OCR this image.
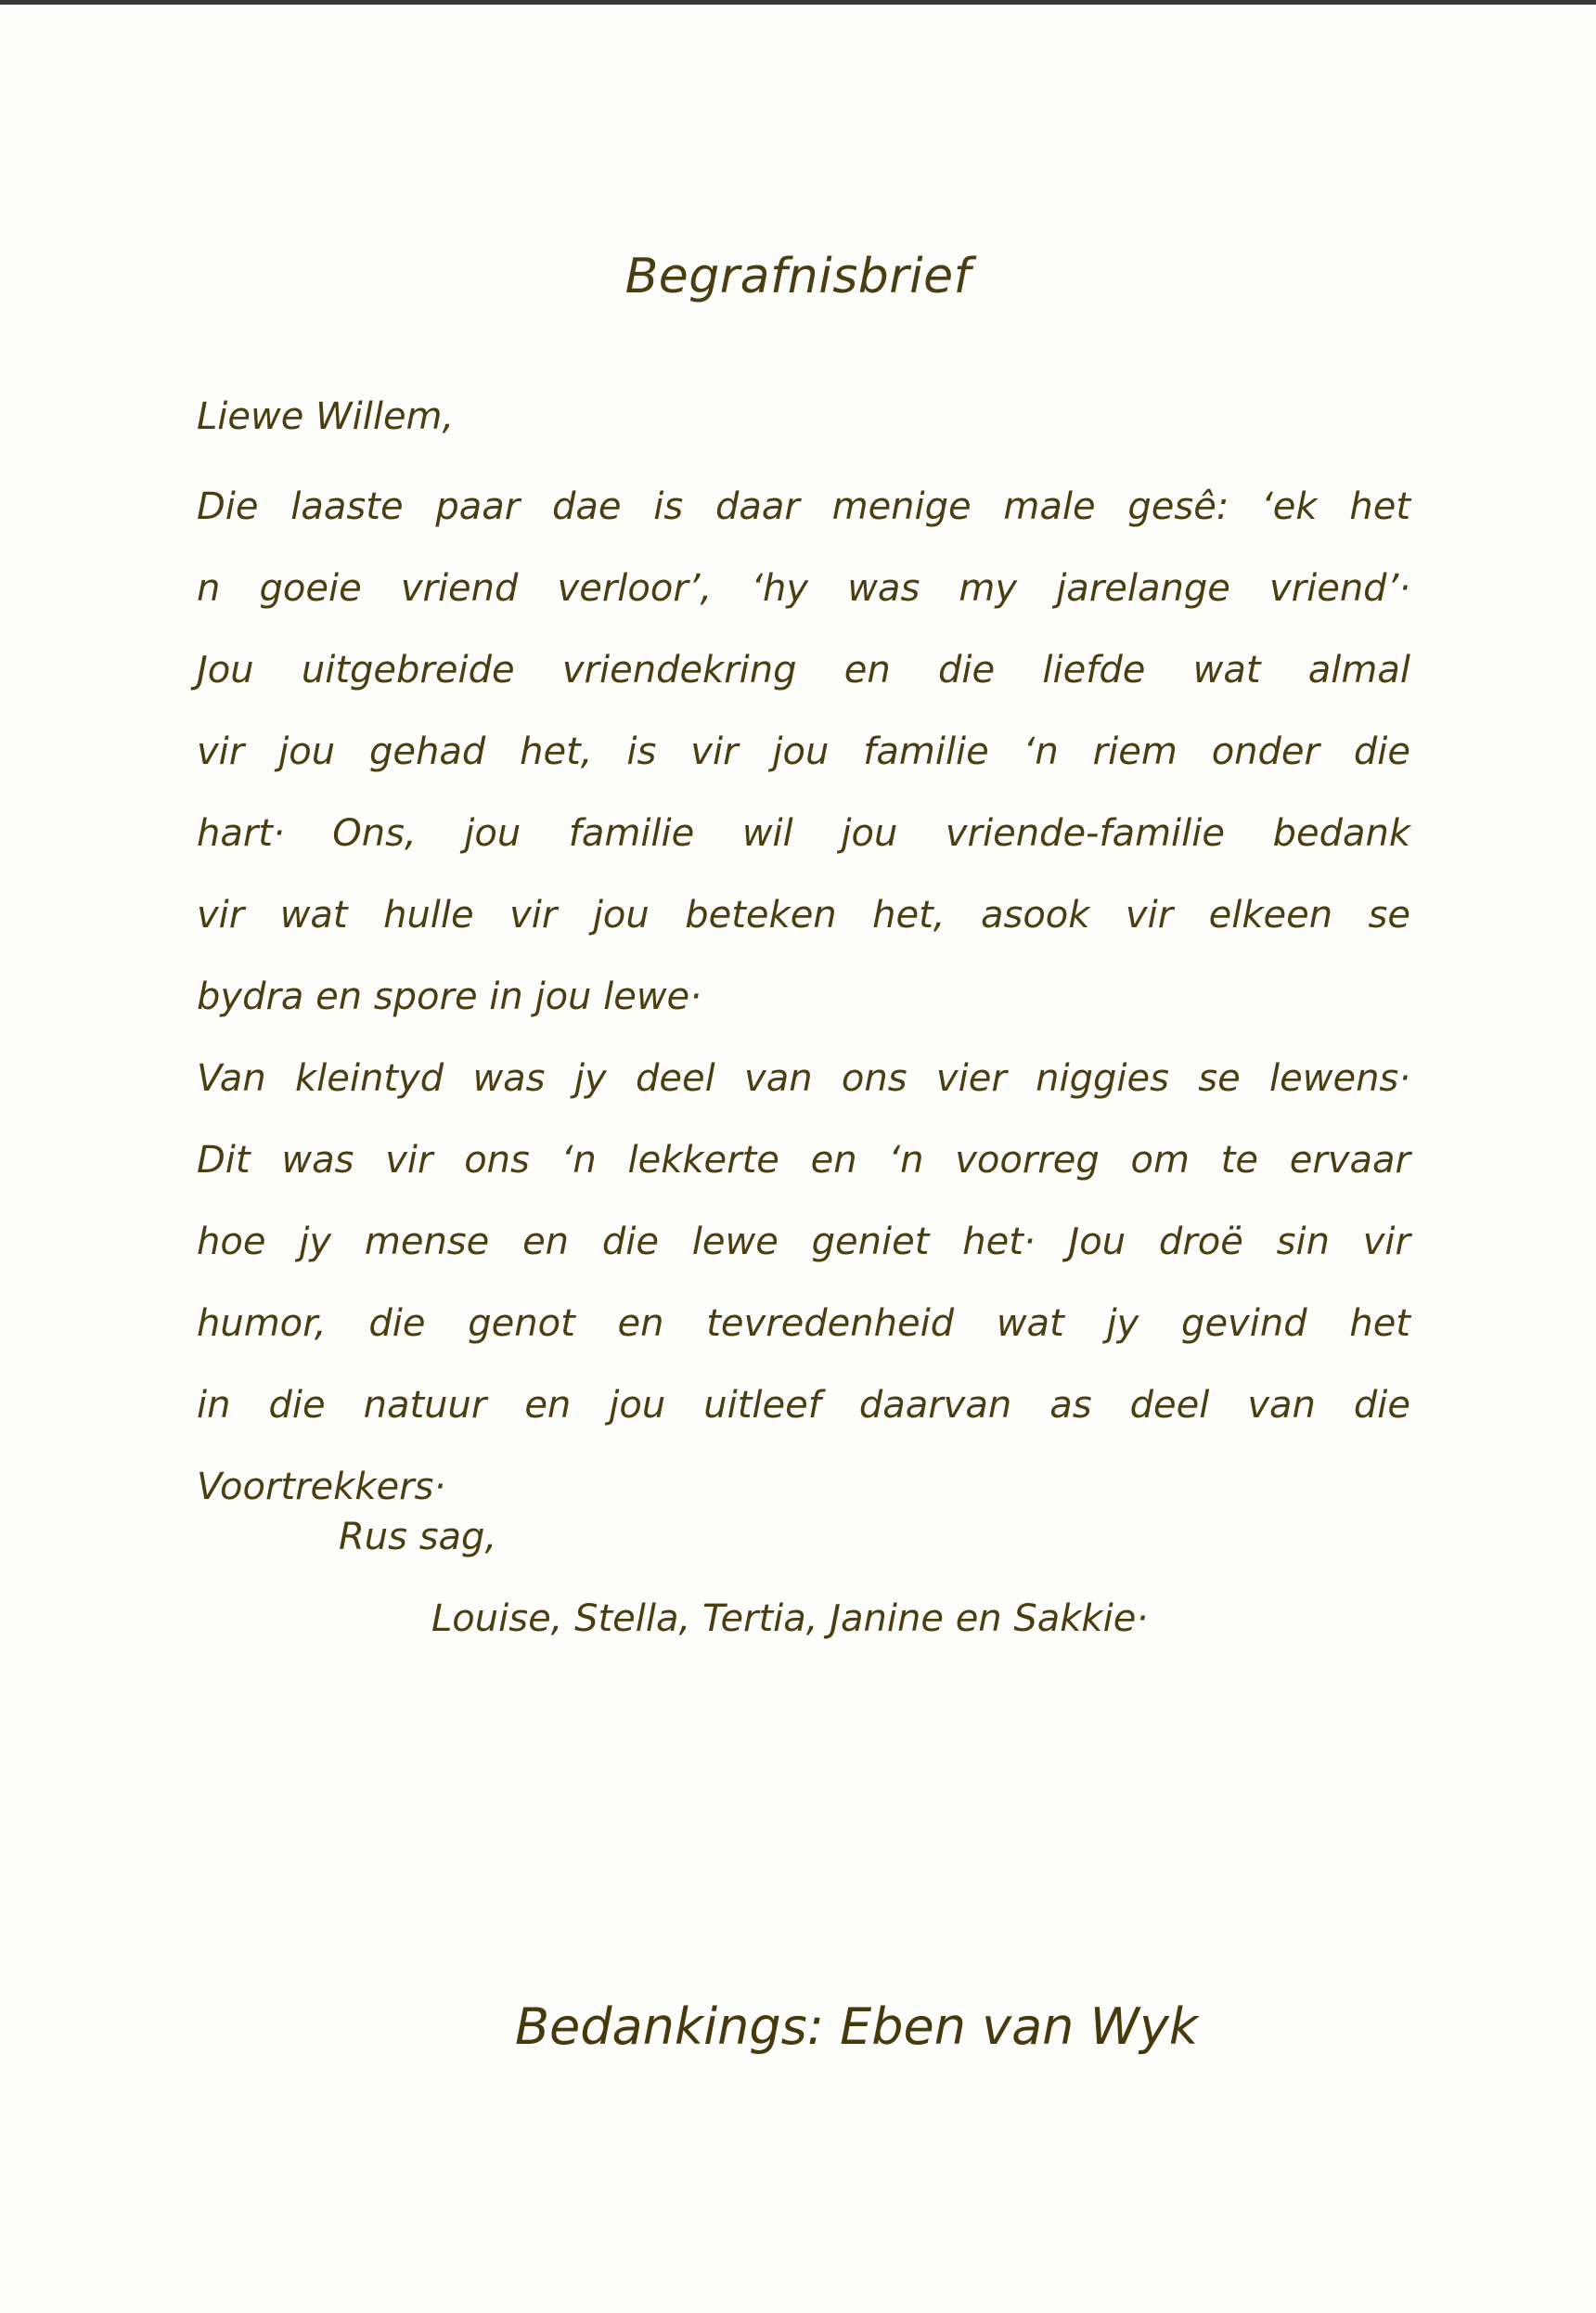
Begrafnisbrief
Liewe Willem,
Die laaste paar dae is daar menige male gesê: ‘ek het
n goeie vriend verloor’, ‘hy was my jarelange vriend’·
Jou uitgebreide vriendekring en die liefde wat almal
vir jou gehad het, is vir jou familie ‘n riem onder die
hart· Ons, jou familie wil jou vriende-familie bedank
vir wat hulle vir jou beteken het, asook vir elkeen se
bydra en spore in jou lewe·
Van kleintyd was jy deel van ons vier niggies se lewens·
Dit was vir ons ‘n lekkerte en ‘n voorreg om te ervaar
hoe jy mense en die lewe geniet het· Jou droë sin vir
humor, die genot en tevredenheid wat jy gevind het
in die natuur en jou uitleef daarvan as deel van die
Voortrekkers·
Rus sag,
Louise, Stella, Tertia, Janine en Sakkie·
Bedankings: Eben van Wyk
